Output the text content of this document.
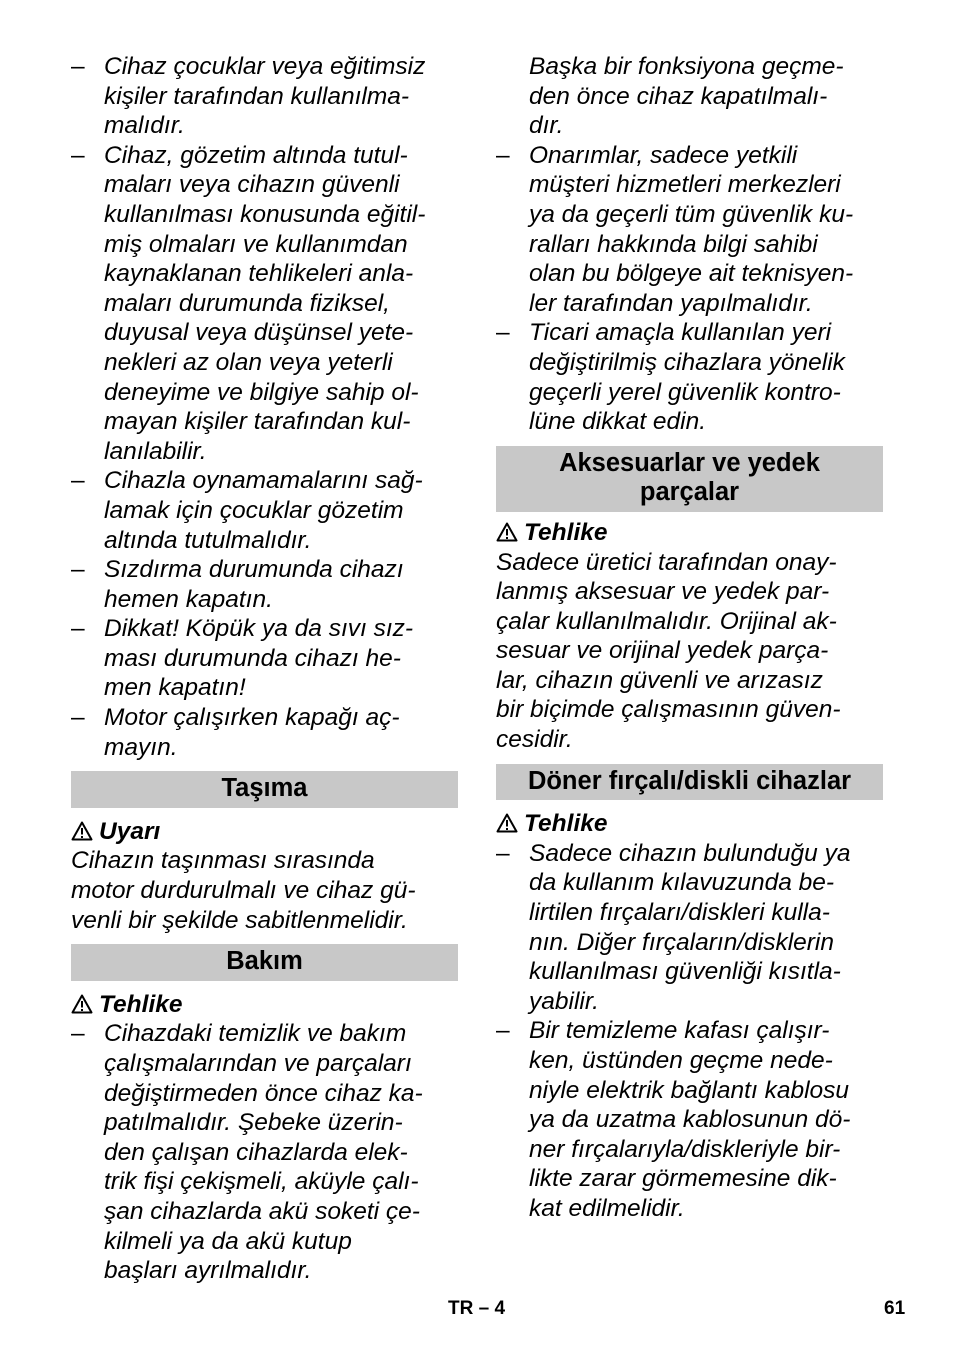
– Cihaz çocuklar veya eğitimsiz
kişiler tarafından kullanılma-
malıdır.

– Cihaz, gözetim altında tutul-
maları veya cihazın güvenli
kullanılması konusunda eğitil-
miş olmaları ve kullanımdan
kaynaklanan tehlikeleri anla-
maları durumunda fiziksel,
duyusal veya düşünsel yete-
nekleri az olan veya yeterli
deneyime ve bilgiye sahip ol-
mayan kişiler tarafından kul-
lanılabilir.

– Cihazla oynamamalarını sağ-
lamak için çocuklar gözetim
altında tutulmalıdır.

– Sızdırma durumunda cihazı
hemen kapatın.

– Dikkat! Köpük ya da sıvı sız-
ması durumunda cihazı he-
men kapatın!

– Motor çalışırken kapağı aç-
mayın.

Taşıma
Uyarı
Cihazın taşınması sırasında
motor durdurulmalı ve cihaz gü-
venli bir şekilde sabitlenmelidir.
Bakım
Tehlike
– Cihazdaki temizlik ve bakım
çalışmalarından ve parçaları
değiştirmeden önce cihaz ka-
patılmalıdır. Şebeke üzerin-
den çalışan cihazlarda elek-
trik fişi çekişmeli, aküyle çalı-
şan cihazlarda akü soketi çe-
kilmeli ya da akü kutup
başları ayrılmalıdır.

Başka bir fonksiyona geçme-
den önce cihaz kapatılmalı-
dır.

– Onarımlar, sadece yetkili
müşteri hizmetleri merkezleri
ya da geçerli tüm güvenlik ku-
ralları hakkında bilgi sahibi
olan bu bölgeye ait teknisyen-
ler tarafından yapılmalıdır.

– Ticari amaçla kullanılan yeri
değiştirilmiş cihazlara yönelik
geçerli yerel güvenlik kontro-
lüne dikkat edin.

Aksesuarlar ve yedek
parçalar
Tehlike
Sadece üretici tarafından onay-
lanmış aksesuar ve yedek par-
çalar kullanılmalıdır. Orijinal ak-
sesuar ve orijinal yedek parça-
lar, cihazın güvenli ve arızasız
bir biçimde çalışmasının güven-
cesidir.
Döner fırçalı/diskli cihazlar
Tehlike
– Sadece cihazın bulunduğu ya
da kullanım kılavuzunda be-
lirtilen fırçaları/diskleri kulla-
nın. Diğer fırçaların/disklerin
kullanılması güvenliği kısıtla-
yabilir.

– Bir temizleme kafası çalışır-
ken, üstünden geçme nede-
niyle elektrik bağlantı kablosu
ya da uzatma kablosunun dö-
ner fırçalarıyla/diskleriyle bir-
likte zarar görmemesine dik-
kat edilmelidir.

TR – 4	61
